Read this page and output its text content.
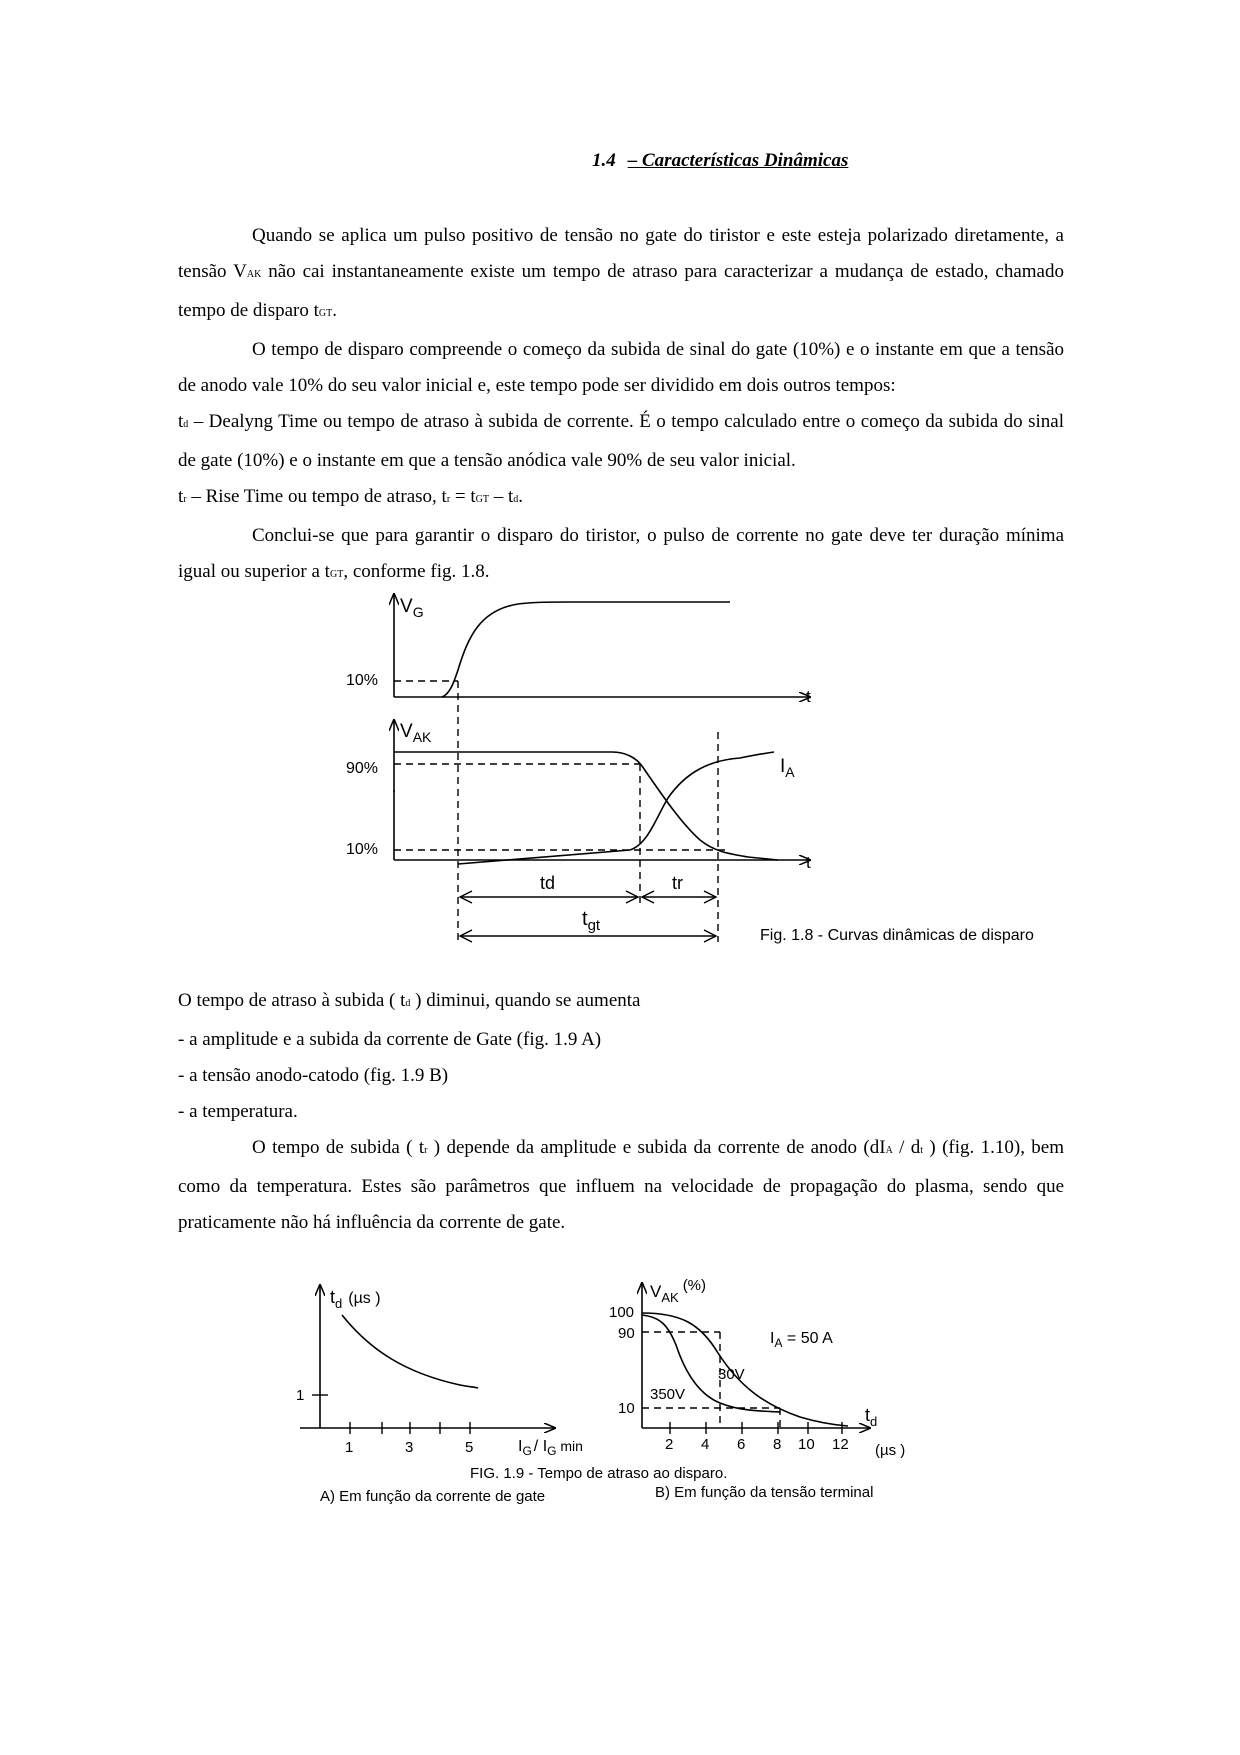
1.4 – Características Dinâmicas

Quando se aplica um pulso positivo de tensão no gate do tiristor e este esteja polarizado diretamente, a tensão VAK não cai instantaneamente existe um tempo de atraso para caracterizar a mudança de estado, chamado tempo de disparo tGT.

O tempo de disparo compreende o começo da subida de sinal do gate (10%) e o instante em que a tensão de anodo vale 10% do seu valor inicial e, este tempo pode ser dividido em dois outros tempos:

td – Dealyng Time ou tempo de atraso à subida de corrente. É o tempo calculado entre o começo da subida do sinal de gate (10%) e o instante em que a tensão anódica vale 90% de seu valor inicial.

tr – Rise Time ou tempo de atraso, tr = tGT – td.

Conclui-se que para garantir o disparo do tiristor, o pulso de corrente no gate deve ter duração mínima igual ou superior a tGT, conforme fig. 1.8.

$V_G$
t
10%
$V_{AK}$
t
90%
10%
$I_A$
td	tr
$t_{gt}$
Fig. 1.8 - Curvas dinâmicas de disparo

O tempo de atraso à subida ( td ) diminui, quando se aumenta

- a amplitude e a subida da corrente de Gate (fig. 1.9 A)

- a tensão anodo-catodo (fig. 1.9 B)

- a temperatura.

O tempo de subida ( tr ) depende da amplitude e subida da corrente de anodo (dIA / dt ) (fig. 1.10), bem como da temperatura. Estes são parâmetros que influem na velocidade de propagação do plasma, sendo que praticamente não há influência da corrente de gate.

$t_d$ (µs )
1
1	3	5	$I_G / I_G$ min
A) Em função da corrente de gate
$V_{AK}(\%)$
100
90
10
2 4 6 8 10 12
$t_d$
(µs )
$I_A = 50$ A
30V
350V
B) Em função da tensão terminal
FIG. 1.9 - Tempo de atraso ao disparo.
